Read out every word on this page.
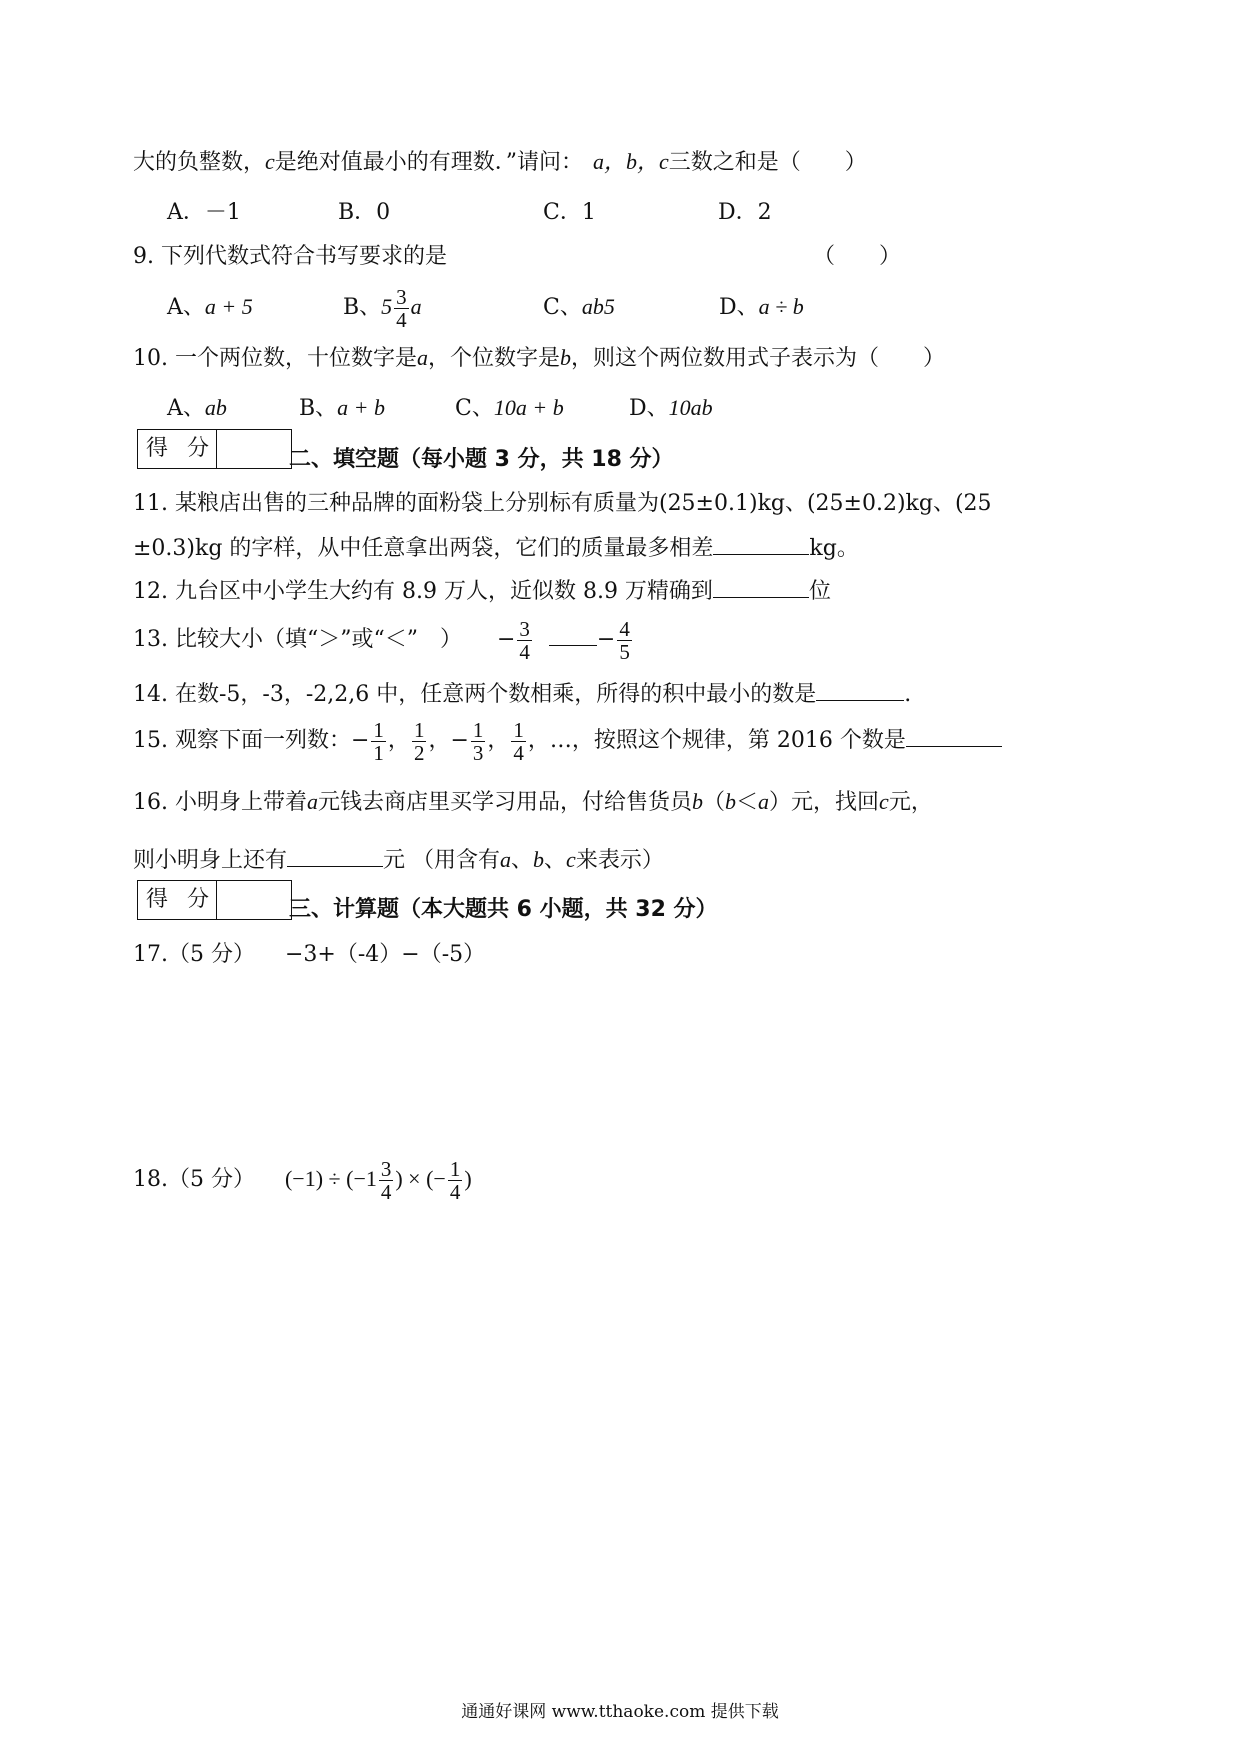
大的负整数，c是绝对值最小的有理数．”请问： a，b，c三数之和是（　　）
A．－1	B．0	C．1	D．2
9. 下列代数式符合书写要求的是	（　　）
A、a + 5	B、$5 \frac{3}{4}$ a	C、ab5	D、a ÷ b
10. 一个两位数，十位数字是a，个位数字是b，则这个两位数用式子表示为（　　）
A、ab	B、a + b	C、10a + b	D、10ab
得 分	二、填空题（每小题 3 分，共 18 分）
11. 某粮店出售的三种品牌的面粉袋上分别标有质量为(25±0.1)kg、(25±0.2)kg、(25
±0.3)kg 的字样，从中任意拿出两袋，它们的质量最多相差	kg。
12. 九台区中小学生大约有 8.9 万人，近似数 8.9 万精确到	位
13. 比较大小（填“＞”或“＜”　） − $\frac{3}{4}$	− $\frac{4}{5}$
14. 在数-5，-3，-2,2,6 中，任意两个数相乘，所得的积中最小的数是	.
15. 观察下面一列数：− $\frac{1}{1}$ ， $\frac{1}{2}$ ，− $\frac{1}{3}$ ， $\frac{1}{4}$ ，…，按照这个规律，第 2016 个数是
16. 小明身上带着a元钱去商店里买学习用品，付给售货员b（b＜a）元，找回c元，
则小明身上还有	元 （用含有a、b、c来表示）
得 分	三、计算题（本大题共 6 小题，共 32 分）
17.（5 分） −3+（-4）−（-5）
18.（5 分） $(-1) \div (-1 \frac{3}{4}$ ) × (− $\frac{1}{4}$ )
通通好课网 www.tthaoke.com 提供下载
